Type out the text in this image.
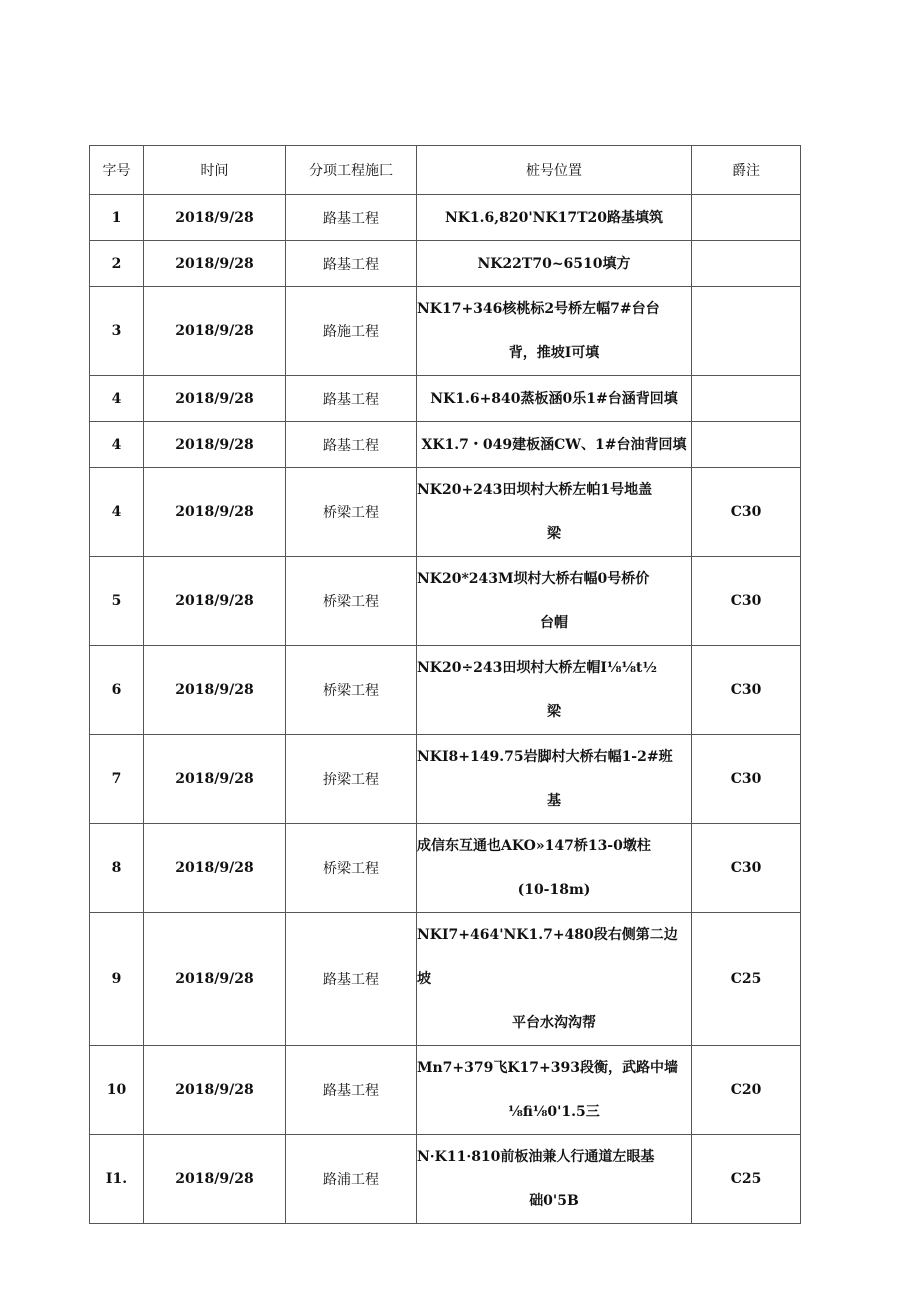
字号	时间	分项工程施匚	桩号位置	爵注
1	2018/9/28	路基工程	NK1.6,820'NK17T20路基填筑	

2	2018/9/28	路基工程	NK22T70~6510填方	

3	2018/9/28	路施工程	NK17+346核桃标2号桥左幅7#台台
背，推坡I可填	

4	2018/9/28	路基工程	NK1.6+840蒸板涵0乐1#台涵背回填	

4	2018/9/28	路基工程	XK1.7・049建板涵CW、1#台油背回填	

4	2018/9/28	桥梁工程	NK20+243田坝村大桥左帕1号地盖
梁	C30
5	2018/9/28	桥梁工程	NK20*243M坝村大桥右幅0号桥价
台帽	C30
6	2018/9/28	桥梁工程	NK20÷243田坝村大桥左帽I⅛⅛t½
梁	C30
7	2018/9/28	拚梁工程	NKI8+149.75岩脚村大桥右幅1-2#班
基	C30
8	2018/9/28	桥梁工程	成信东互通也AKO»147桥13-0墩柱
(10-18m)	C30
9	2018/9/28	路基工程	NKI7+464'NK1.7+480段右侧第二边坡
平台水沟沟帮	C25
10	2018/9/28	路基工程	Mn7+379飞K17+393段衡，武路中墙
⅛fi⅛0'1.5三	C20
I1.	2018/9/28	路浦工程	N·K11·810前板油兼人行通道左眼基
础0'5B	C25
